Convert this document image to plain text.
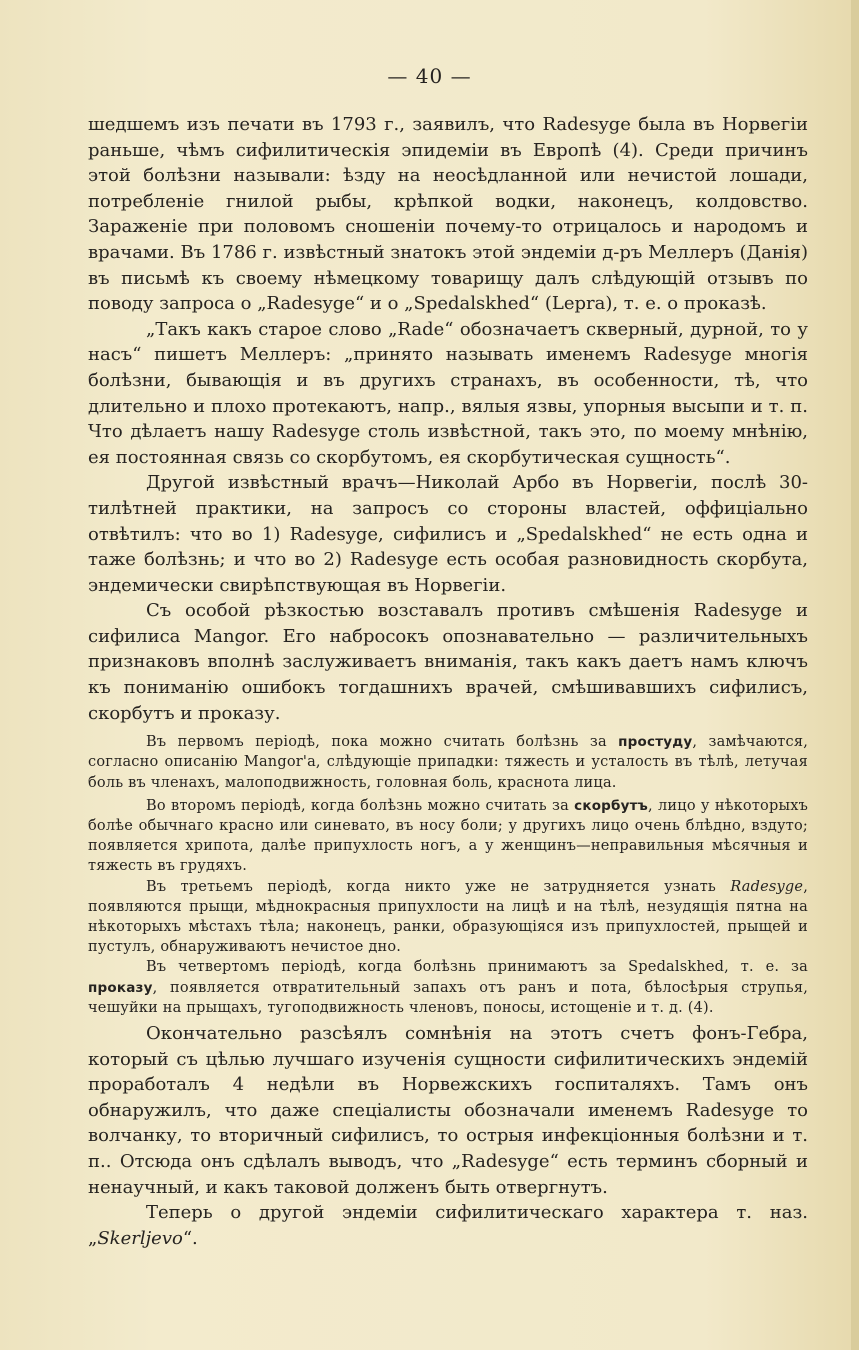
— 40 —

шедшемъ изъ печати въ 1793 г., заявилъ, что Radesyge была въ Норвегіи раньше, чѣмъ сифилитическія эпидеміи въ Европѣ (4). Среди причинъ этой болѣзни называли: ѣзду на неосѣдланной или нечистой лошади, потребленіе гнилой рыбы, крѣпкой водки, наконецъ, колдовство. Зараженіе при половомъ сношеніи почему-то отрицалось и народомъ и врачами. Въ 1786 г. извѣстный знатокъ этой эндеміи д-ръ Меллеръ (Данія) въ письмѣ къ своему нѣмецкому товарищу далъ слѣдующій отзывъ по поводу запроса о „Radesyge“ и о „Spedalskhed“ (Lepra), т. е. о проказѣ.

„Такъ какъ старое слово „Rade“ обозначаетъ скверный, дурной, то у насъ“ пишетъ Меллеръ: „принято называть именемъ Radesyge многія болѣзни, бывающія и въ другихъ странахъ, въ особенности, тѣ, что длительно и плохо протекаютъ, напр., вялыя язвы, упорныя высыпи и т. п. Что дѣлаетъ нашу Radesyge столь извѣстной, такъ это, по моему мнѣнію, ея постоянная связь со скорбутомъ, ея скорбутическая сущность“.

Другой извѣстный врачъ—Николай Арбо въ Норвегіи, послѣ 30-тилѣтней практики, на запросъ со стороны властей, оффиціально отвѣтилъ: что во 1) Radesyge, сифилисъ и „Spedalskhed“ не есть одна и таже болѣзнь; и что во 2) Radesyge есть особая разновидность скорбута, эндемически свирѣпствующая въ Норвегіи.

Съ особой рѣзкостью возставалъ противъ смѣшенія Radesyge и сифилиса Mangor. Его набросокъ опознавательно — различительныхъ признаковъ вполнѣ заслуживаетъ вниманія, такъ какъ даетъ намъ ключъ къ пониманію ошибокъ тогдашнихъ врачей, смѣшивавшихъ сифилисъ, скорбутъ и проказу.

Въ первомъ періодѣ, пока можно считать болѣзнь за простуду, замѣчаются, согласно описанію Mangor'а, слѣдующіе припадки: тяжесть и усталость въ тѣлѣ, летучая боль въ членахъ, малоподвижность, головная боль, краснота лица.

Во второмъ періодѣ, когда болѣзнь можно считать за скорбутъ, лицо у нѣкоторыхъ болѣе обычнаго красно или синевато, въ носу боли; у другихъ лицо очень блѣдно, вздуто; появляется хрипота, далѣе припухлость ногъ, а у женщинъ—неправильныя мѣсячныя и тяжесть въ грудяхъ.

Въ третьемъ періодѣ, когда никто уже не затрудняется узнать Radesyge, появляются прыщи, мѣднокрасныя припухлости на лицѣ и на тѣлѣ, незудящія пятна на нѣкоторыхъ мѣстахъ тѣла; наконецъ, ранки, образующіяся изъ припухлостей, прыщей и пустулъ, обнаруживаютъ нечистое дно.

Въ четвертомъ періодѣ, когда болѣзнь принимаютъ за Spedalskhed, т. е. за проказу, появляется отвратительный запахъ отъ ранъ и пота, бѣлосѣрыя струпья, чешуйки на прыщахъ, тугоподвижность членовъ, поносы, истощеніе и т. д. (4).

Окончательно разсѣялъ сомнѣнія на этотъ счетъ фонъ-Гебра, который съ цѣлью лучшаго изученія сущности сифилитическихъ эндемій проработалъ 4 недѣли въ Норвежскихъ госпиталяхъ. Тамъ онъ обнаружилъ, что даже спеціалисты обозначали именемъ Radesyge то волчанку, то вторичный сифилисъ, то острыя инфекціонныя болѣзни и т. п.. Отсюда онъ сдѣлалъ выводъ, что „Radesyge“ есть терминъ сборный и ненаучный, и какъ таковой долженъ быть отвергнутъ.

Теперь о другой эндеміи сифилитическаго характера т. наз. „Skerljevo“.
